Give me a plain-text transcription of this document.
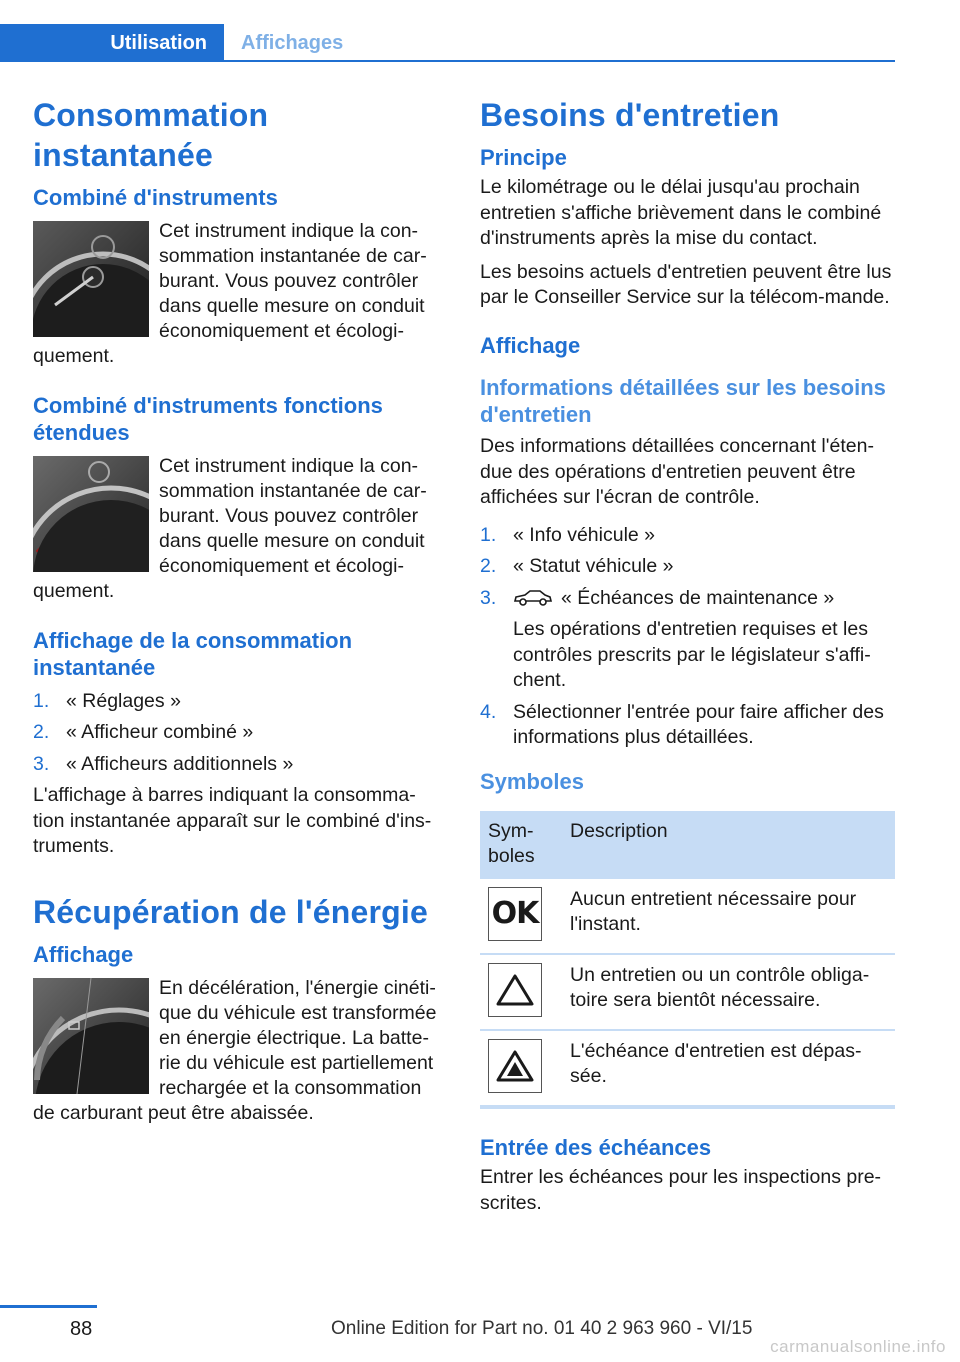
Utilisation	Affichages
Consommation instantanée
Combiné d'instruments

Cet instrument indique la con-sommation instantanée de car-burant. Vous pouvez contrôler dans quelle mesure on conduit économiquement et écologi-quement.

Combiné d'instruments fonctions étendues

Cet instrument indique la con-sommation instantanée de car-burant. Vous pouvez contrôler dans quelle mesure on conduit économiquement et écologi-quement.

Affichage de la consommation instantanée
1. « Réglages »
2. « Afficheur combiné »
3. « Afficheurs additionnels »

L'affichage à barres indiquant la consomma-tion instantanée apparaît sur le combiné d'ins-truments.

Récupération de l'énergie
Affichage

En décélération, l'énergie cinéti-que du véhicule est transformée en énergie électrique. La batte-rie du véhicule est partiellement rechargée et la consommation de carburant peut être abaissée.

Besoins d'entretien
Principe

Le kilométrage ou le délai jusqu'au prochain entretien s'affiche brièvement dans le combiné d'instruments après la mise du contact.

Les besoins actuels d'entretien peuvent être lus par le Conseiller Service sur la télécom-mande.

Affichage
Informations détaillées sur les besoins d'entretien

Des informations détaillées concernant l'éten-due des opérations d'entretien peuvent être affichées sur l'écran de contrôle.

1. « Info véhicule »
2. « Statut véhicule »
3.	« Échéances de maintenance »
Les opérations d'entretien requises et les contrôles prescrits par le législateur s'affi-chent.
4. Sélectionner l'entrée pour faire afficher des informations plus détaillées.
Symboles
Sym-boles	Description

OK	Aucun entretient nécessaire pour l'instant.

	Un entretien ou un contrôle obliga-toire sera bientôt nécessaire.

	L'échéance d'entretien est dépas-sée.
Entrée des échéances

Entrer les échéances pour les inspections pre-scrites.

88	Online Edition for Part no. 01 40 2 963 960 - VI/15
carmanualsonline.info
